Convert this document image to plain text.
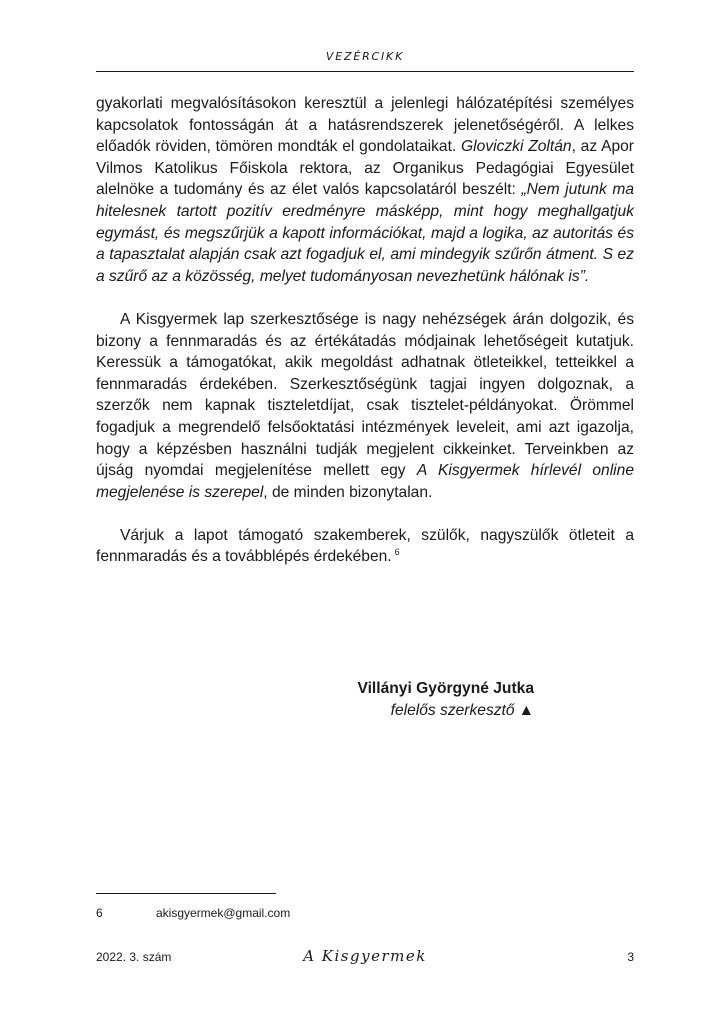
VEZÉRCIKK

gyakorlati megvalósításokon keresztül a jelenlegi hálózatépítési személyes kapcsolatok fontosságán át a hatásrendszerek jelenetőségéről. A lelkes előadók röviden, tömören mondták el gondolataikat. Gloviczki Zoltán, az Apor Vilmos Katolikus Főiskola rektora, az Organikus Pedagógiai Egyesület alelnöke a tudomány és az élet valós kapcsolatáról beszélt: „Nem jutunk ma hitelesnek tartott pozitív eredményre másképp, mint hogy meghallgatjuk egymást, és megszűrjük a kapott információkat, majd a logika, az autoritás és a tapasztalat alapján csak azt fogadjuk el, ami mindegyik szűrőn átment. S ez a szűrő az a közösség, melyet tudományosan nevezhetünk hálónak is”.

A Kisgyermek lap szerkesztősége is nagy nehézségek árán dolgozik, és bizony a fennmaradás és az értékátadás módjainak lehetőségeit kutatjuk. Keressük a támogatókat, akik megoldást adhatnak ötleteikkel, tetteikkel a fennmaradás érdekében. Szerkesztőségünk tagjai ingyen dolgoznak, a szerzők nem kapnak tiszteletdíjat, csak tisztelet-példányokat. Örömmel fogadjuk a megrendelő felsőoktatási intézmények leveleit, ami azt igazolja, hogy a képzésben használni tudják megjelent cikkeinket. Terveinkben az újság nyomdai megjelenítése mellett egy A Kisgyermek hírlevél online megjelenése is szerepel, de minden bizonytalan.

Várjuk a lapot támogató szakemberek, szülők, nagyszülők ötleteit a fennmaradás és a továbblépés érdekében. $^6$

Villányi Györgyné Jutka
felelős szerkesztő ▲
6	akisgyermek@gmail.com
2022. 3. szám	A Kisgyermek	3
